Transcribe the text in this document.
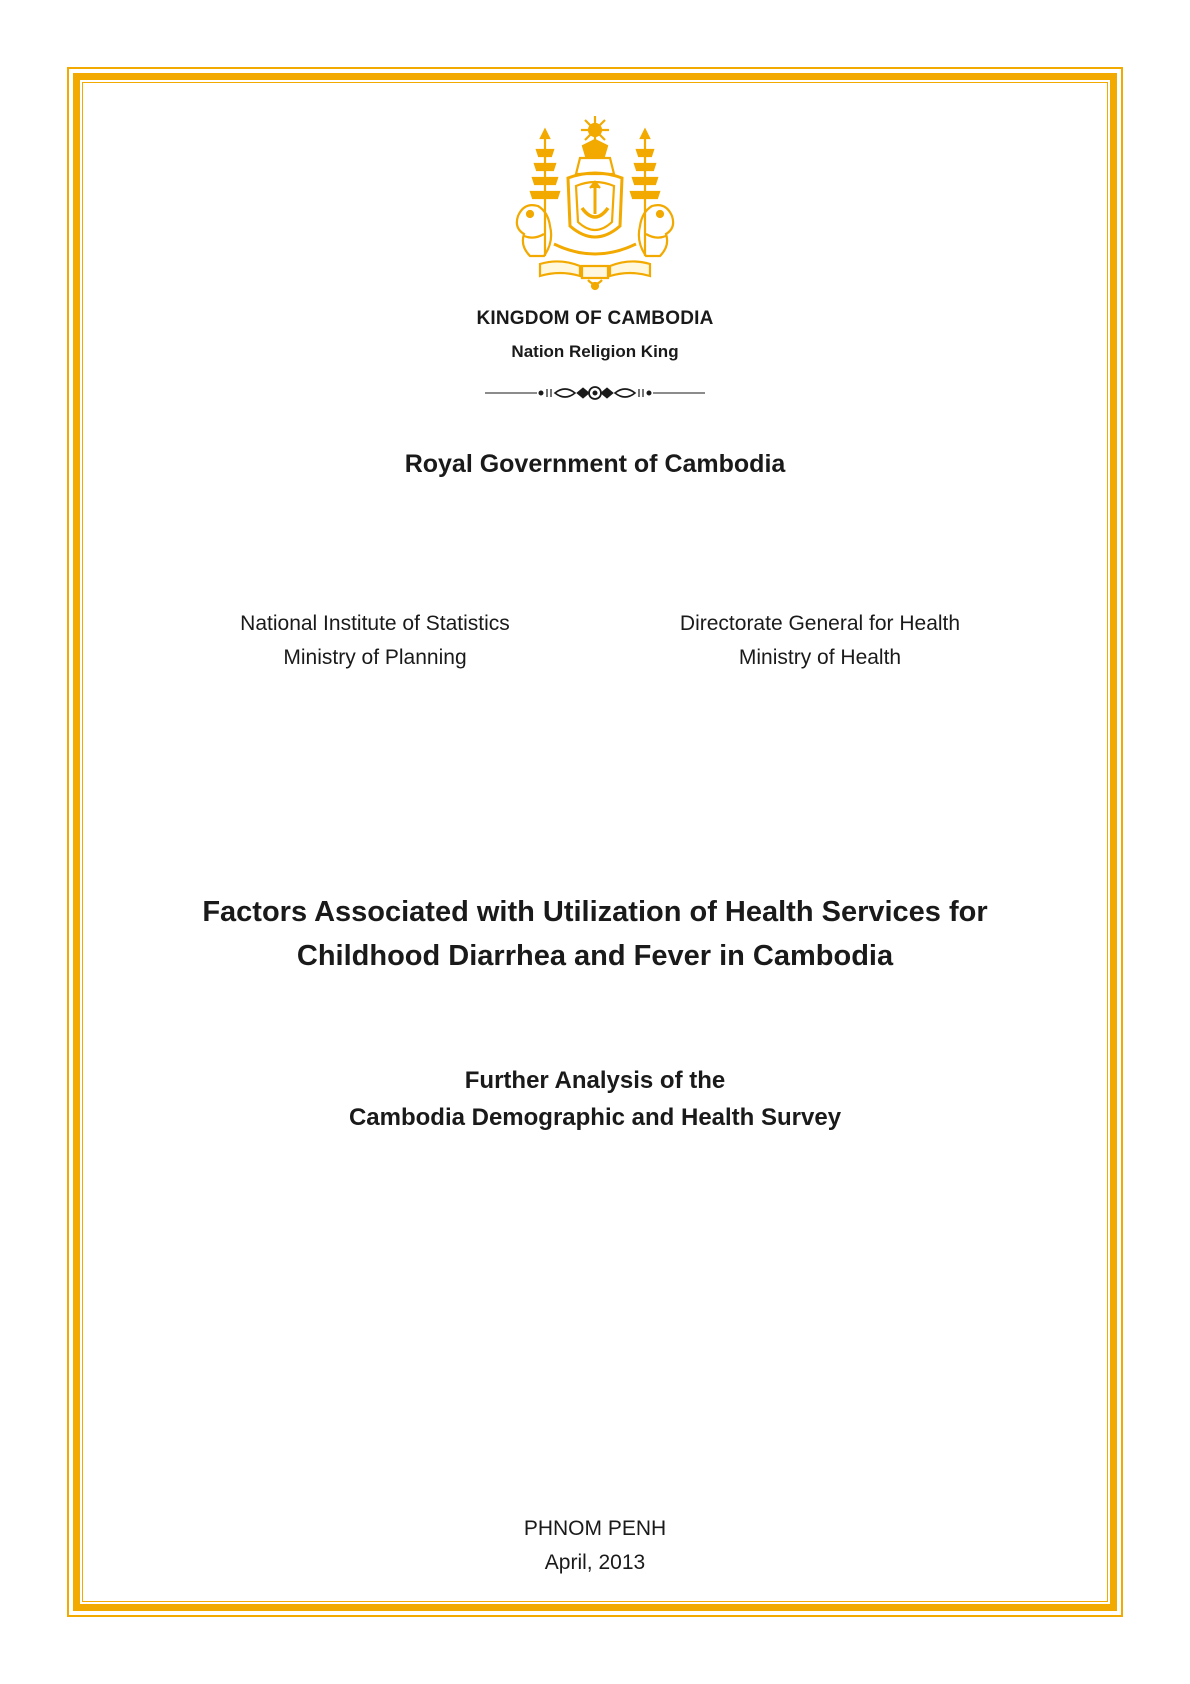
KINGDOM OF CAMBODIA
Nation Religion King
Royal Government of Cambodia
National Institute of Statistics
Ministry of Planning
Directorate General for Health
Ministry of Health
Factors Associated with Utilization of Health Services for
Childhood Diarrhea and Fever in Cambodia
Further Analysis of the
Cambodia Demographic and Health Survey
PHNOM PENH
April, 2013
